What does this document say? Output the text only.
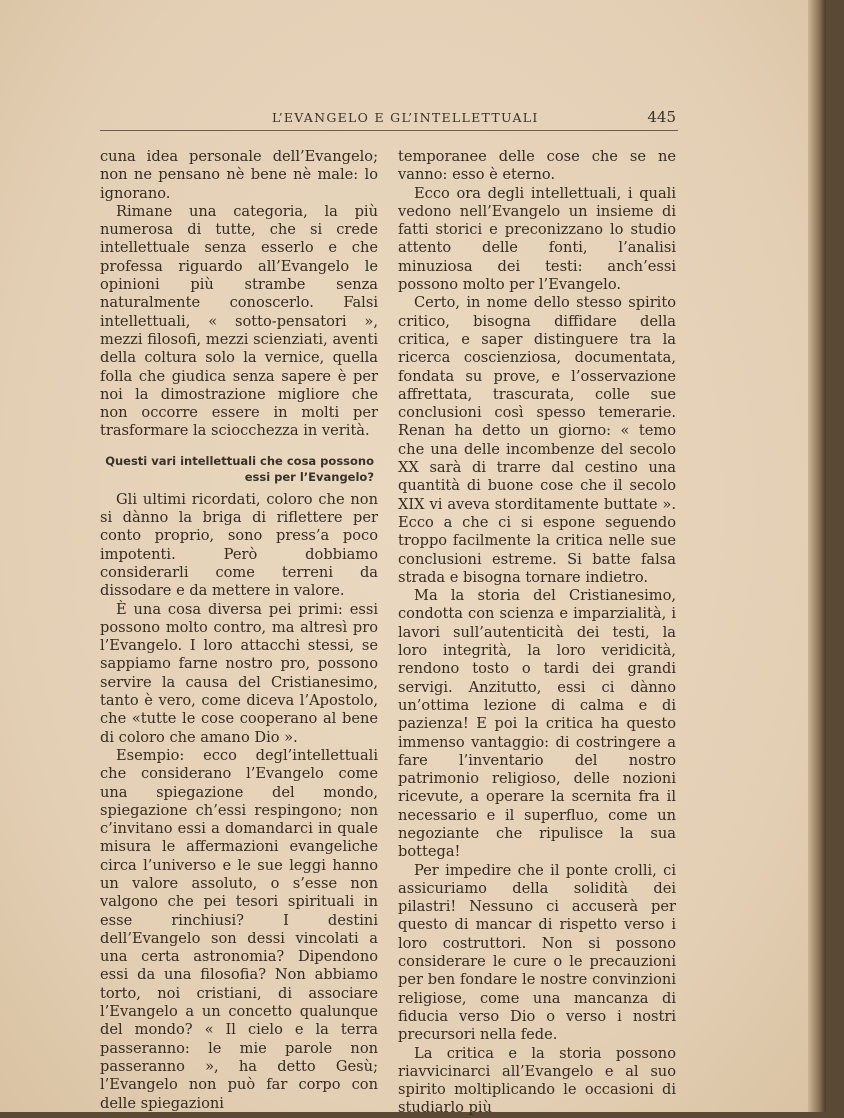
L’EVANGELO E GL’INTELLETTUALI	445

cuna idea personale dell’Evangelo; non ne pensano nè bene nè male: lo ignorano.

Rimane una categoria, la più numerosa di tutte, che si crede intellettuale senza esserlo e che professa riguardo all’Evangelo le opinioni più strambe senza naturalmente conoscerlo. Falsi intellettuali, « sotto-pensatori », mezzi filosofi, mezzi scienziati, aventi della coltura solo la vernice, quella folla che giudica senza sapere è per noi la dimostrazione migliore che non occorre essere in molti per trasformare la sciocchezza in verità.

Questi vari intellettuali che cosa possono essi per l’Evangelo?

Gli ultimi ricordati, coloro che non si dànno la briga di riflettere per conto proprio, sono press’a poco impotenti. Però dobbiamo considerarli come terreni da dissodare e da mettere in valore.

È una cosa diversa pei primi: essi possono molto contro, ma altresì pro l’Evangelo. I loro attacchi stessi, se sappiamo farne nostro pro, possono servire la causa del Cristianesimo, tanto è vero, come diceva l’Apostolo, che «tutte le cose cooperano al bene di coloro che amano Dio ».

Esempio: ecco degl’intellettuali che considerano l’Evangelo come una spiegazione del mondo, spiegazione ch’essi respingono; non c’invitano essi a domandarci in quale misura le affermazioni evangeliche circa l’universo e le sue leggi hanno un valore assoluto, o s’esse non valgono che pei tesori spirituali in esse rinchiusi? I destini dell’Evangelo son dessi vincolati a una certa astronomia? Dipendono essi da una filosofia? Non abbiamo torto, noi cristiani, di associare l’Evangelo a un concetto qualunque del mondo? « Il cielo e la terra passeranno: le mie parole non passeranno », ha detto Gesù; l’Evangelo non può far corpo con delle spiegazioni

temporanee delle cose che se ne vanno: esso è eterno.

Ecco ora degli intellettuali, i quali vedono nell’Evangelo un insieme di fatti storici e preconizzano lo studio attento delle fonti, l’analisi minuziosa dei testi: anch’essi possono molto per l’Evangelo.

Certo, in nome dello stesso spirito critico, bisogna diffidare della critica, e saper distinguere tra la ricerca coscienziosa, documentata, fondata su prove, e l’osservazione affrettata, trascurata, colle sue conclusioni così spesso temerarie. Renan ha detto un giorno: « temo che una delle incombenze del secolo XX sarà di trarre dal cestino una quantità di buone cose che il secolo XIX vi aveva storditamente buttate ». Ecco a che ci si espone seguendo troppo facilmente la critica nelle sue conclusioni estreme. Si batte falsa strada e bisogna tornare indietro.

Ma la storia del Cristianesimo, condotta con scienza e imparzialità, i lavori sull’autenticità dei testi, la loro integrità, la loro veridicità, rendono tosto o tardi dei grandi servigi. Anzitutto, essi ci dànno un’ottima lezione di calma e di pazienza! E poi la critica ha questo immenso vantaggio: di costringere a fare l’inventario del nostro patrimonio religioso, delle nozioni ricevute, a operare la scernita fra il necessario e il superfluo, come un negoziante che ripulisce la sua bottega!

Per impedire che il ponte crolli, ci assicuriamo della solidità dei pilastri! Nessuno ci accuserà per questo di mancar di rispetto verso i loro costruttori. Non si possono considerare le cure o le precauzioni per ben fondare le nostre convinzioni religiose, come una mancanza di fiducia verso Dio o verso i nostri precursori nella fede.

La critica e la storia possono riavvicinarci all’Evangelo e al suo spirito moltiplicando le occasioni di studiarlo più
